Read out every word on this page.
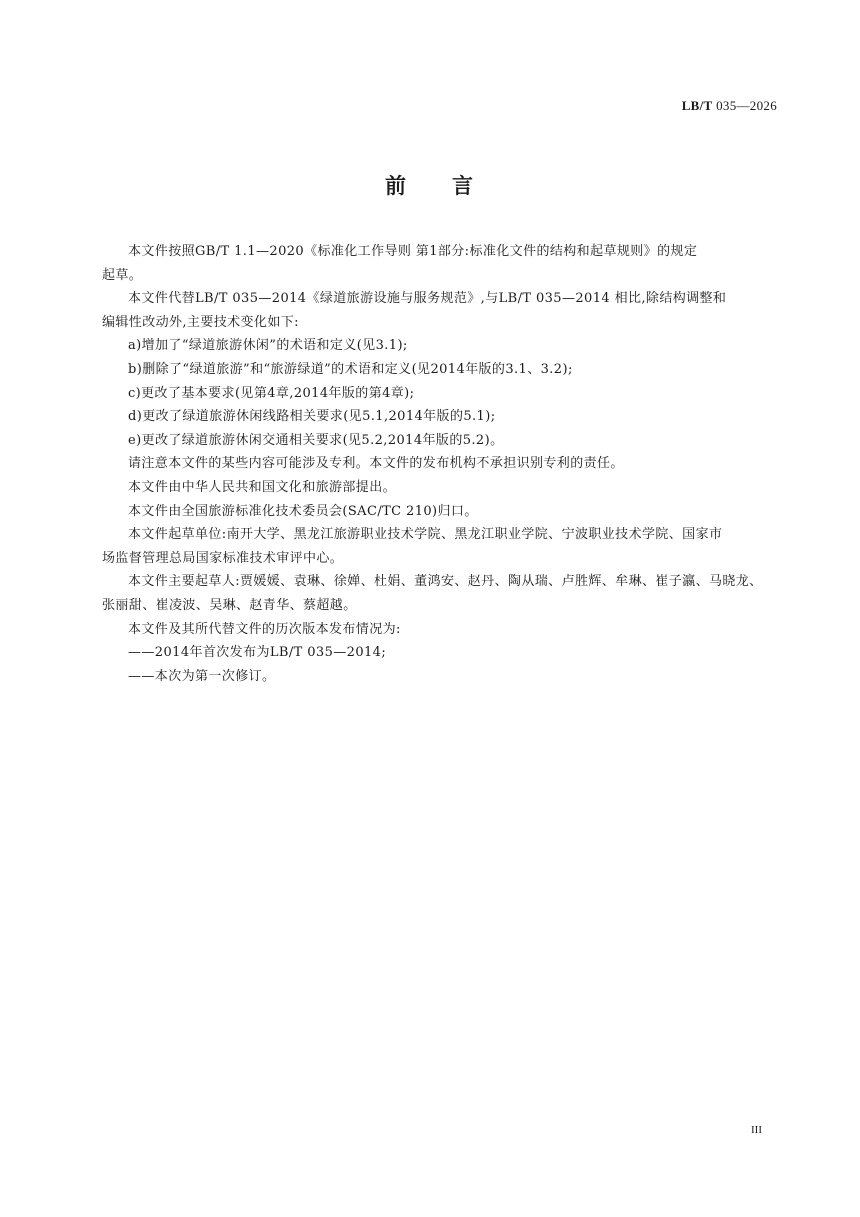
LB/T 035—2026
前 言

本文件按照GB/T 1.1—2020《标准化工作导则 第1部分:标准化文件的结构和起草规则》的规定

起草。

本文件代替LB/T 035—2014《绿道旅游设施与服务规范》,与LB/T 035—2014 相比,除结构调整和

编辑性改动外,主要技术变化如下:

a)增加了“绿道旅游休闲”的术语和定义(见3.1);

b)删除了“绿道旅游”和“旅游绿道”的术语和定义(见2014年版的3.1、3.2);

c)更改了基本要求(见第4章,2014年版的第4章);

d)更改了绿道旅游休闲线路相关要求(见5.1,2014年版的5.1);

e)更改了绿道旅游休闲交通相关要求(见5.2,2014年版的5.2)。

请注意本文件的某些内容可能涉及专利。本文件的发布机构不承担识别专利的责任。

本文件由中华人民共和国文化和旅游部提出。

本文件由全国旅游标准化技术委员会(SAC/TC 210)归口。

本文件起草单位:南开大学、黑龙江旅游职业技术学院、黑龙江职业学院、宁波职业技术学院、国家市

场监督管理总局国家标准技术审评中心。

本文件主要起草人:贾媛媛、袁琳、徐婵、杜娟、董鸿安、赵丹、陶从瑞、卢胜辉、牟琳、崔子瀛、马晓龙、

张丽甜、崔凌波、吴琳、赵青华、蔡超越。

本文件及其所代替文件的历次版本发布情况为:

——2014年首次发布为LB/T 035—2014;

——本次为第一次修订。

III
